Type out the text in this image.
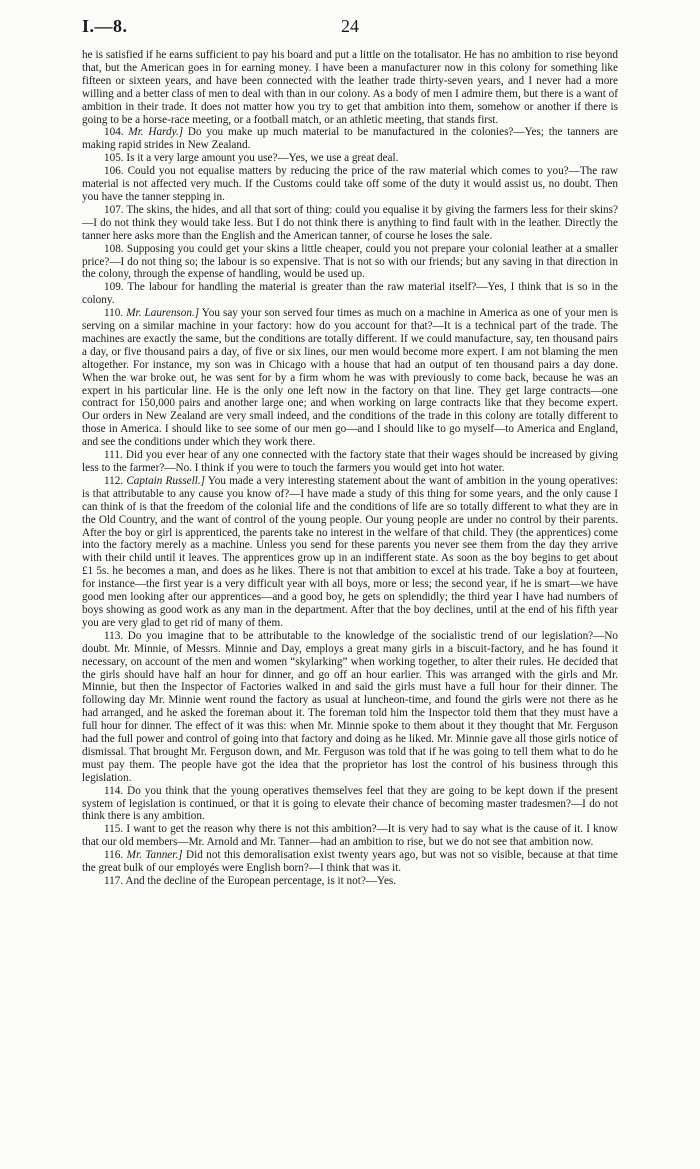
I.—8.	24

he is satisfied if he earns sufficient to pay his board and put a little on the totalisator. He has no ambition to rise beyond that, but the American goes in for earning money. I have been a manufacturer now in this colony for something like fifteen or sixteen years, and have been connected with the leather trade thirty-seven years, and I never had a more willing and a better class of men to deal with than in our colony. As a body of men I admire them, but there is a want of ambition in their trade. It does not matter how you try to get that ambition into them, somehow or another if there is going to be a horse-race meeting, or a football match, or an athletic meeting, that stands first.

104. Mr. Hardy.] Do you make up much material to be manufactured in the colonies?—Yes; the tanners are making rapid strides in New Zealand.

105. Is it a very large amount you use?—Yes, we use a great deal.

106. Could you not equalise matters by reducing the price of the raw material which comes to you?—The raw material is not affected very much. If the Customs could take off some of the duty it would assist us, no doubt. Then you have the tanner stepping in.

107. The skins, the hides, and all that sort of thing: could you equalise it by giving the farmers less for their skins?—I do not think they would take less. But I do not think there is anything to find fault with in the leather. Directly the tanner here asks more than the English and the American tanner, of course he loses the sale.

108. Supposing you could get your skins a little cheaper, could you not prepare your colonial leather at a smaller price?—I do not thing so; the labour is so expensive. That is not so with our friends; but any saving in that direction in the colony, through the expense of handling, would be used up.

109. The labour for handling the material is greater than the raw material itself?—Yes, I think that is so in the colony.

110. Mr. Laurenson.] You say your son served four times as much on a machine in America as one of your men is serving on a similar machine in your factory: how do you account for that?—It is a technical part of the trade. The machines are exactly the same, but the conditions are totally different. If we could manufacture, say, ten thousand pairs a day, or five thousand pairs a day, of five or six lines, our men would become more expert. I am not blaming the men altogether. For instance, my son was in Chicago with a house that had an output of ten thousand pairs a day done. When the war broke out, he was sent for by a firm whom he was with previously to come back, because he was an expert in his particular line. He is the only one left now in the factory on that line. They get large contracts—one contract for 150,000 pairs and another large one; and when working on large contracts like that they become expert. Our orders in New Zealand are very small indeed, and the conditions of the trade in this colony are totally different to those in America. I should like to see some of our men go—and I should like to go myself—to America and England, and see the conditions under which they work there.

111. Did you ever hear of any one connected with the factory state that their wages should be increased by giving less to the farmer?—No. I think if you were to touch the farmers you would get into hot water.

112. Captain Russell.] You made a very interesting statement about the want of ambition in the young operatives: is that attributable to any cause you know of?—I have made a study of this thing for some years, and the only cause I can think of is that the freedom of the colonial life and the conditions of life are so totally different to what they are in the Old Country, and the want of control of the young people. Our young people are under no control by their parents. After the boy or girl is apprenticed, the parents take no interest in the welfare of that child. They (the apprentices) come into the factory merely as a machine. Unless you send for these parents you never see them from the day they arrive with their child until it leaves. The apprentices grow up in an indifferent state. As soon as the boy begins to get about £1 5s. he becomes a man, and does as he likes. There is not that ambition to excel at his trade. Take a boy at fourteen, for instance—the first year is a very difficult year with all boys, more or less; the second year, if he is smart—we have good men looking after our apprentices—and a good boy, he gets on splendidly; the third year I have had numbers of boys showing as good work as any man in the department. After that the boy declines, until at the end of his fifth year you are very glad to get rid of many of them.

113. Do you imagine that to be attributable to the knowledge of the socialistic trend of our legislation?—No doubt. Mr. Minnie, of Messrs. Minnie and Day, employs a great many girls in a biscuit-factory, and he has found it necessary, on account of the men and women “skylarking” when working together, to alter their rules. He decided that the girls should have half an hour for dinner, and go off an hour earlier. This was arranged with the girls and Mr. Minnie, but then the Inspector of Factories walked in and said the girls must have a full hour for their dinner. The following day Mr. Minnie went round the factory as usual at luncheon-time, and found the girls were not there as he had arranged, and he asked the foreman about it. The foreman told him the Inspector told them that they must have a full hour for dinner. The effect of it was this: when Mr. Minnie spoke to them about it they thought that Mr. Ferguson had the full power and control of going into that factory and doing as he liked. Mr. Minnie gave all those girls notice of dismissal. That brought Mr. Ferguson down, and Mr. Ferguson was told that if he was going to tell them what to do he must pay them. The people have got the idea that the proprietor has lost the control of his business through this legislation.

114. Do you think that the young operatives themselves feel that they are going to be kept down if the present system of legislation is continued, or that it is going to elevate their chance of becoming master tradesmen?—I do not think there is any ambition.

115. I want to get the reason why there is not this ambition?—It is very had to say what is the cause of it. I know that our old members—Mr. Arnold and Mr. Tanner—had an ambition to rise, but we do not see that ambition now.

116. Mr. Tanner.] Did not this demoralisation exist twenty years ago, but was not so visible, because at that time the great bulk of our employés were English born?—I think that was it.

117. And the decline of the European percentage, is it not?—Yes.
